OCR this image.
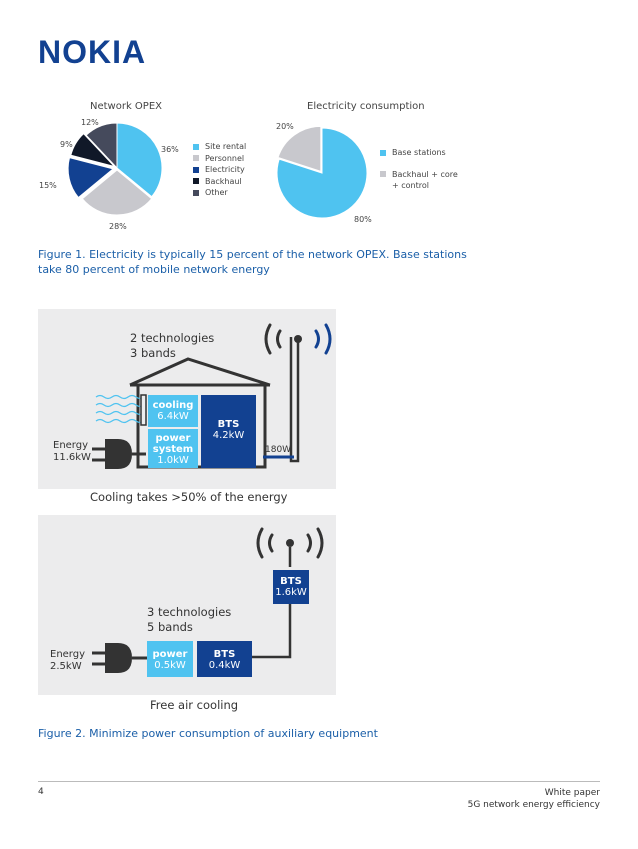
NOKIA
Network OPEX
36%
28%
15%
9%
12%
Site rental
Personnel
Electricity
Backhaul
Other
Electricity consumption
20%
80%
Base stations
Backhaul + core
+ control
Figure 1. Electricity is typically 15 percent of the network OPEX. Base stations
take 80 percent of mobile network energy
2 technologies
3 bands
cooling
6.4kW
power
system
1.0kW
BTS
4.2kW
180W
Energy
11.6kW
Cooling takes >50% of the energy
BTS
1.6kW
3 technologies
5 bands
power
0.5kW
BTS
0.4kW
Energy
2.5kW
Free air cooling
Figure 2. Minimize power consumption of auxiliary equipment
4	White paper
5G network energy efficiency
